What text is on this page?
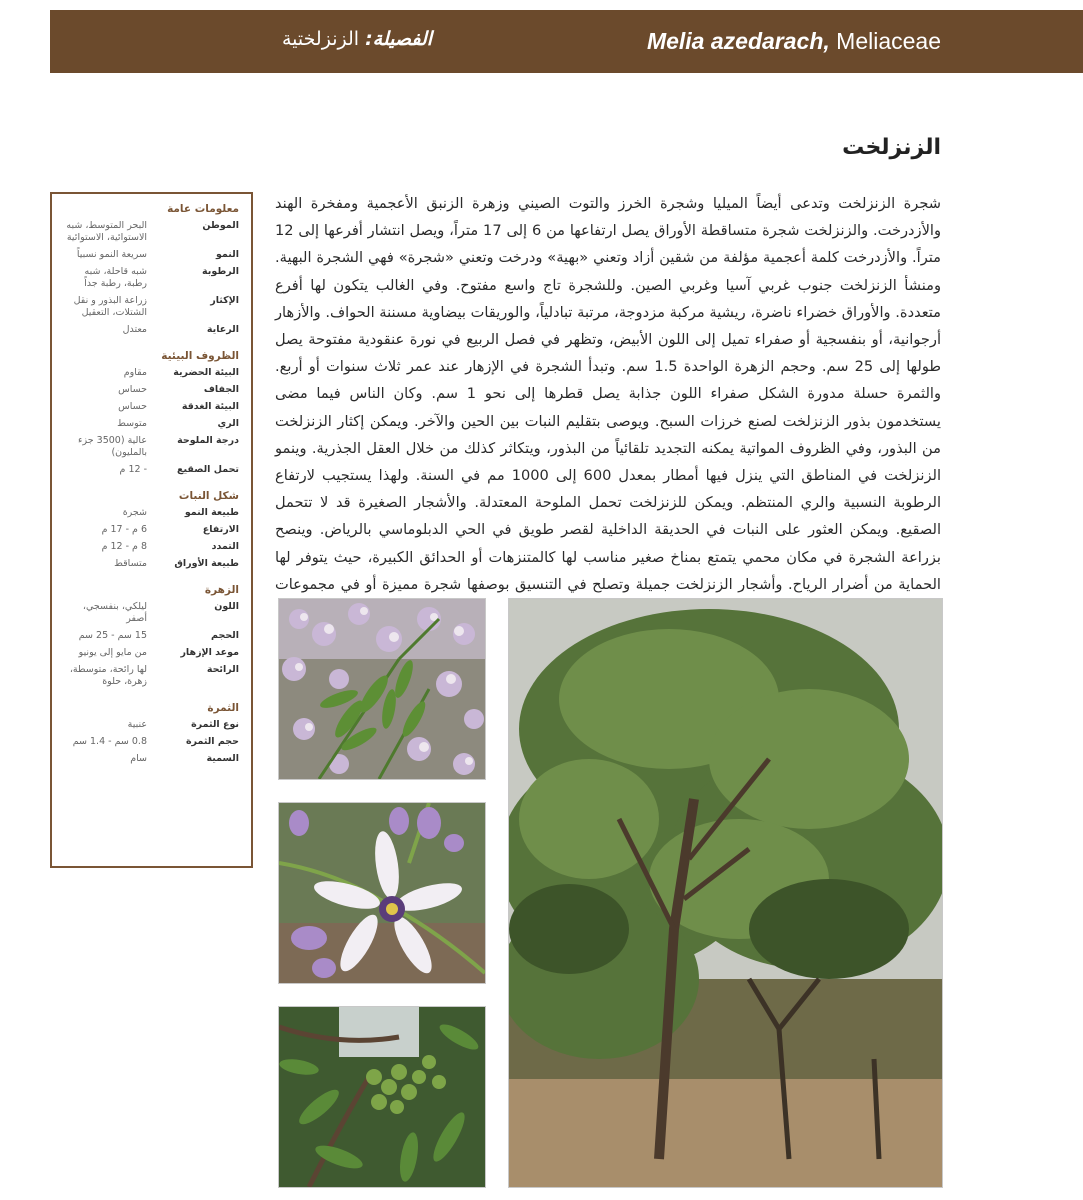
Melia azedarach, Meliaceae
الفصيلة: الزنزلختية
الزنزلخت

شجرة الزنزلخت وتدعى أيضاً الميليا وشجرة الخرز والتوت الصيني وزهرة الزنبق الأعجمية ومفخرة الهند والأزدرخت. والزنزلخت شجرة متساقطة الأوراق يصل ارتفاعها من 6 إلى 17 متراً، ويصل انتشار أفرعها إلى 12 متراً. والأزدرخت كلمة أعجمية مؤلفة من شقين أزاد وتعني «بهية» ودرخت وتعني «شجرة» فهي الشجرة البهية. ومنشأ الزنزلخت جنوب غربي آسيا وغربي الصين. وللشجرة تاج واسع مفتوح. وفي الغالب يتكون لها أفرع متعددة. والأوراق خضراء ناضرة، ريشية مركبة مزدوجة، مرتبة تبادلياً، والوريقات بيضاوية مسننة الحواف. والأزهار أرجوانية، أو بنفسجية أو صفراء تميل إلى اللون الأبيض، وتظهر في فصل الربيع في نورة عنقودية مفتوحة يصل طولها إلى 25 سم. وحجم الزهرة الواحدة 1.5 سم. وتبدأ الشجرة في الإزهار عند عمر ثلاث سنوات أو أربع. والثمرة حسلة مدورة الشكل صفراء اللون جذابة يصل قطرها إلى نحو 1 سم. وكان الناس فيما مضى يستخدمون بذور الزنزلخت لصنع خرزات السبح. ويوصى بتقليم النبات بين الحين والآخر. ويمكن إكثار الزنزلخت من البذور، وفي الظروف المواتية يمكنه التجديد تلقائياً من البذور، ويتكاثر كذلك من خلال العقل الجذرية. وينمو الزنزلخت في المناطق التي ينزل فيها أمطار بمعدل 600 إلى 1000 مم في السنة. ولهذا يستجيب لارتفاع الرطوبة النسبية والري المنتظم. ويمكن للزنزلخت تحمل الملوحة المعتدلة. والأشجار الصغيرة قد لا تتحمل الصقيع. ويمكن العثور على النبات في الحديقة الداخلية لقصر طويق في الحي الدبلوماسي بالرياض. وينصح بزراعة الشجرة في مكان محمي يتمتع بمناخ صغير مناسب لها كالمتنزهات أو الحدائق الكبيرة، حيث يتوفر لها الحماية من أضرار الرياح. وأشجار الزنزلخت جميلة وتصلح في التنسيق بوصفها شجرة مميزة أو في مجموعات

معلومات عامة
الموطن
البحر المتوسط، شبه الاستوائية، الاستوائية
النمو
سريعة النمو نسبياً
الرطوبة
شبه قاحلة، شبه رطبة، رطبة جداً
الإكثار
زراعة البذور و نقل الشتلات، التعقيل
الرعاية
معتدل
الظروف البيئية
البيئة الحضرية
مقاوم
الجفاف
حساس
البيئة الغدقة
حساس
الري
متوسط
درجة الملوحة
عالية (3500 جزء بالمليون)
تحمل الصقيع
- 12 م
شكل النبات
طبيعة النمو
شجرة
الارتفاع
6 م - 17 م
التمدد
8 م - 12 م
طبيعة الأوراق
متساقط
الزهرة
اللون
ليلكي، بنفسجي، أصفر
الحجم
15 سم - 25 سم
موعد الإزهار
من مايو إلى يونيو
الرائحة
لها رائحة، متوسطة، زهرة، حلوة
الثمرة
نوع الثمرة
عنبية
حجم الثمرة
0.8 سم - 1.4 سم
السمية
سام
